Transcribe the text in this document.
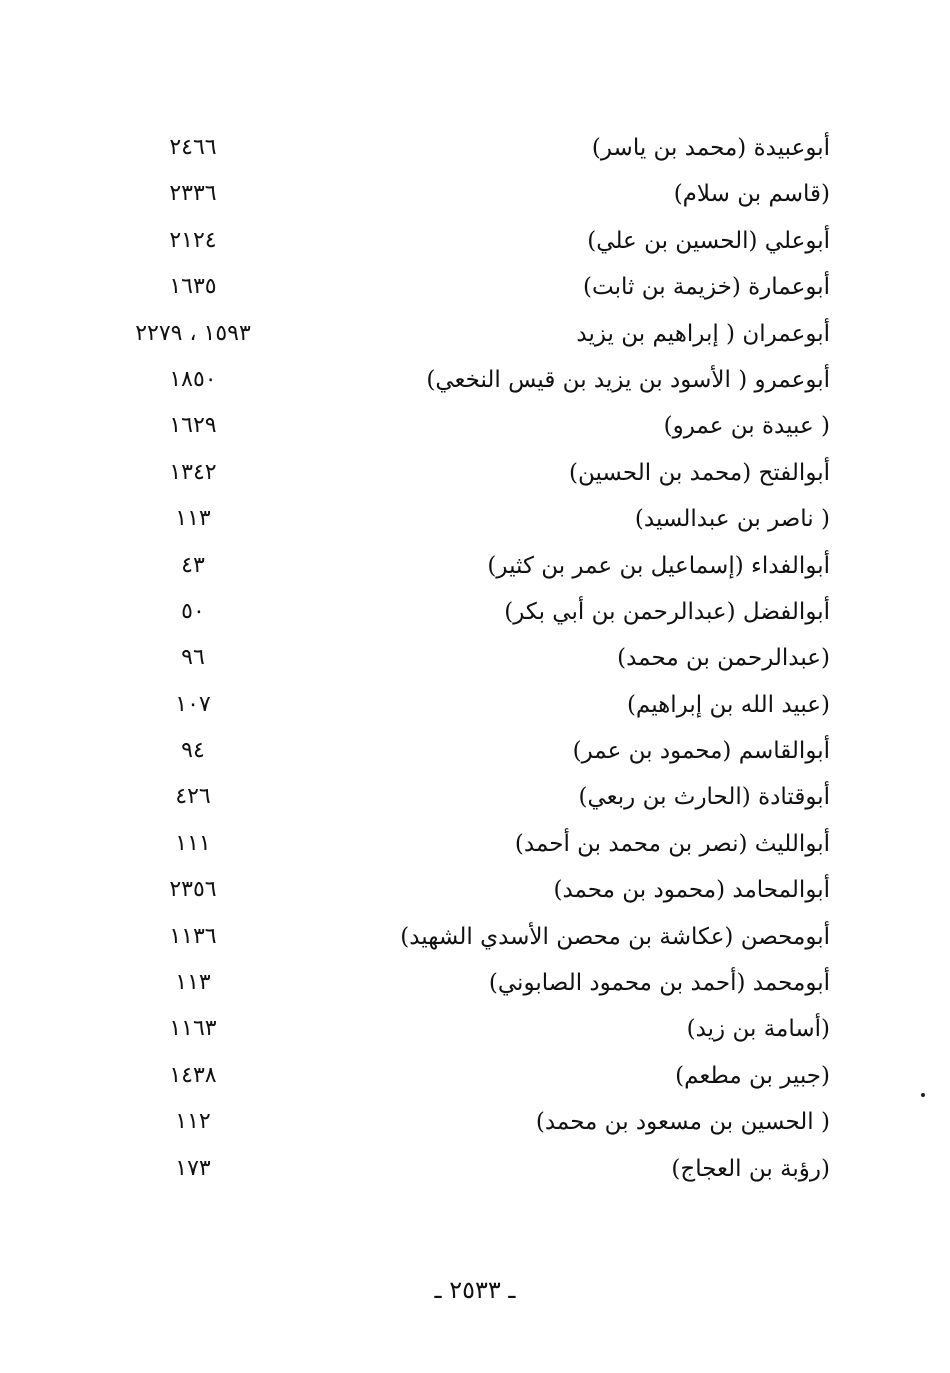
أبوعبيدة (محمد بن ياسر)
٢٤٦٦
(قاسم بن سلام)
٢٣٣٦
أبوعلي (الحسين بن علي)
٢١٢٤
أبوعمارة (خزيمة بن ثابت)
١٦٣٥
أبوعمران ( إبراهيم بن يزيد
١٥٩٣ ، ٢٢٧٩
أبوعمرو ( الأسود بن يزيد بن قيس النخعي)
١٨٥٠
( عبيدة بن عمرو)
١٦٢٩
أبوالفتح (محمد بن الحسين)
١٣٤٢
( ناصر بن عبدالسيد)
١١٣
أبوالفداء (إسماعيل بن عمر بن كثير)
٤٣
أبوالفضل (عبدالرحمن بن أبي بكر)
٥٠
(عبدالرحمن بن محمد)
٩٦
(عبيد الله بن إبراهيم)
١٠٧
أبوالقاسم (محمود بن عمر)
٩٤
أبوقتادة (الحارث بن ربعي)
٤٢٦
أبوالليث (نصر بن محمد بن أحمد)
١١١
أبوالمحامد (محمود بن محمد)
٢٣٥٦
أبومحصن (عكاشة بن محصن الأسدي الشهيد)
١١٣٦
أبومحمد (أحمد بن محمود الصابوني)
١١٣
(أسامة بن زيد)
١١٦٣
(جبير بن مطعم)
١٤٣٨
( الحسين بن مسعود بن محمد)
١١٢
(رؤبة بن العجاج)
١٧٣
ـ ٢٥٣٣ ـ
